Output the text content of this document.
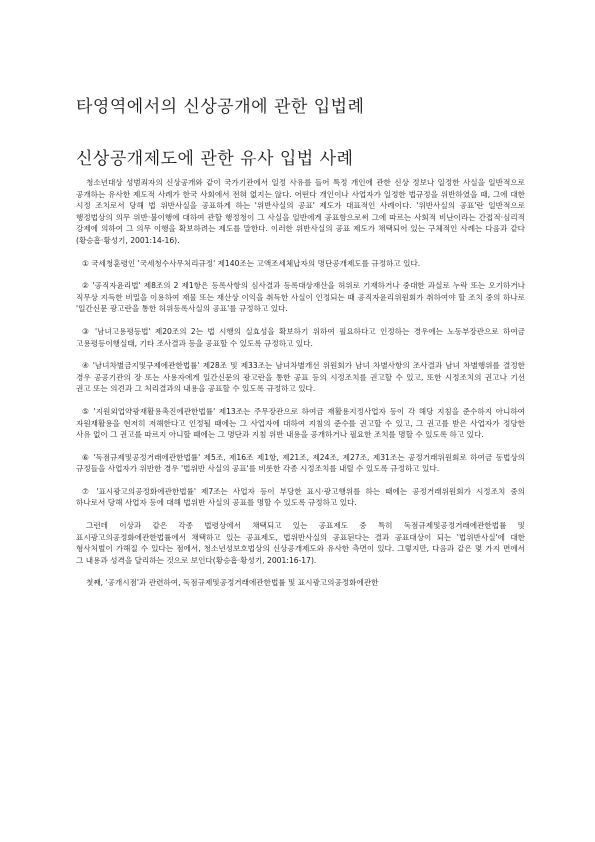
타영역에서의 신상공개에 관한 입법례
신상공개제도에 관한 유사 입법 사례

청소년대상 성범죄자의 신상공개와 같이 국가기관에서 일정 사유를 들어 특정 개인에 관한 신상 정보나 일정한 사실을 일반적으로 공개하는 유사한 제도적 사례가 한국 사회에서 전혀 없지는 않다. 어떤다 개인이나 사업자가 일정한 법규정을 위반하였을 때, 그에 대한 시정 조치로서 당해 법 위반사실을 공표하게 하는 '위반사실의 공표' 제도가 대표적인 사례이다. '위반사실의 공표'란 일반적으로 행정법상의 의무 위반·불이행에 대하여 관할 행정청이 그 사실을 일반에게 공표함으로써 그에 따르는 사회적 비난이라는 간접적·심리적 강제에 의하여 그 의무 이행을 확보하려는 제도를 말한다. 이러한 위반사실의 공표 제도가 채택되어 있는 구체적인 사례는 다음과 같다(황승흠·황성기, 2001:14-16).

① 국세청훈령인 '국세청수사무처리규정' 제140조는 고액조세체납자의 명단공개제도를 규정하고 있다.

② '공직자윤리법' 제8조의 2 제1항은 등록사항의 심사결과 등록대상재산을 허위로 기재하거나 중대한 과실로 누락 또는 오기하거나 직무상 지득한 비밀을 이용하여 재물 또는 재산상 이익을 취득한 사실이 인정되는 때 공직자윤리위원회가 취하여야 할 조치 중의 하나로 '일간신문 광고란을 통한 허위등록사실의 공표'를 규정하고 있다.

③ '남녀고용평등법' 제20조의 2는 법 시행의 실효성을 확보하기 위하여 필요하다고 인정하는 경우에는 노동부장관으로 하여금 고용평등이행실태, 기타 조사결과 등을 공표할 수 있도록 규정하고 있다.

④ '남녀차별금지및구제에관한법률' 제28조 및 제33조는 남녀차별개선 위원회가 남녀 차별사항의 조사결과 남녀 차별행위를 결정한 경우 공공기관의 장 또는 사용자에게 일간신문의 광고란을 통한 공표 등의 시정조치를 권고할 수 있고, 또한 시정조치의 권고나 기선 권고 또는 의견과 그 처리결과의 내용을 공표할 수 있도록 규정하고 있다.

⑤ '지원외업약광재활용촉진에관한법률' 제13조는 주무장관으로 하여금 재활용지정사업자 등이 각 해당 지침을 준수하지 아니하여 자원재활용을 현저히 저해한다고 인정될 때에는 그 사업자에 대하여 지침의 준수를 권고할 수 있고, 그 권고를 받은 사업자가 정당한 사유 없이 그 권고를 따르지 아니할 때에는 그 명단과 지침 위반 내용을 공개하거나 필요한 조치를 명할 수 있도록 하고 있다.

⑥ '독점규제및공정거래에관한법률' 제5조, 제16조 제1항, 제21조, 제24조, 제27조, 제31조는 공정거래위원회로 하여금 동법상의 규정들을 사업자가 위반한 경우 '법위반 사실의 공표'를 비롯한 각종 시정조치를 내릴 수 있도록 규정하고 있다.

⑦ '표시광고의공정화에관한법률' 제7조는 사업자 등이 부당한 표시·광고행위를 하는 때에는 공정거래위원회가 시정조치 중의 하나로서 당해 사업자 등에 대해 법위반 사실의 공표를 명할 수 있도록 규정하고 있다.

그런데 이상과 같은 각종 법령상에서 채택되고 있는 공표제도 중 특히 독점규제및공정거래에관한법률 및 표시광고의공정화에관한법률에서 채택하고 있는 공표제도, 법위반사실의 공표된다는 결과 공표대상이 되는 '법위반사실'에 대한 형사처벌이 가해질 수 있다는 점에서, 청소년성보호법상의 신상공개제도와 유사한 측면이 있다. 그렇지만, 다음과 같은 몇 가지 면에서 그 내용과 성격을 달리하는 것으로 보인다(황승흠·황성기, 2001:16-17).

첫째, '공개시점'과 관련하여, 독점규제및공정거래에관한법률 및 표시광고의공정화에관한
